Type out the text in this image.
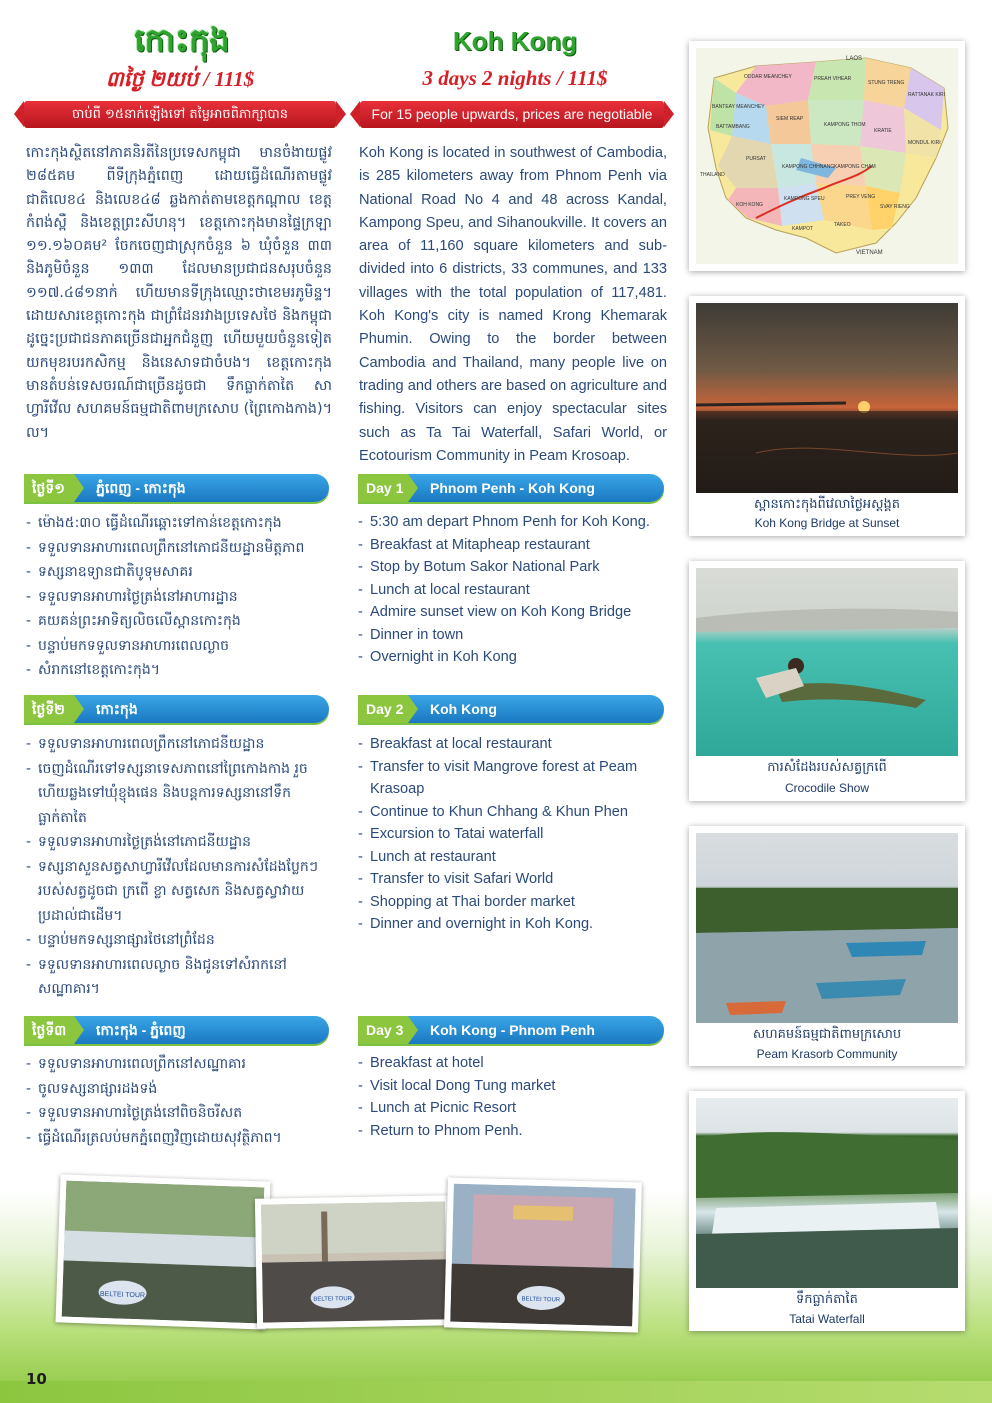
កោះកុង	Koh Kong
៣ថ្ងៃ ២យប់ / 111$	3 days 2 nights / 111$
ចាប់ពី ១៥នាក់ឡើងទៅ តម្លៃអាចពិភាក្សាបាន	For 15 people upwards, prices are negotiable
កោះកុងស្ថិតនៅភាគនិរតីនៃប្រទេសកម្ពុជា មានចំងាយផ្លូវ ២៨៥គម ពីទីក្រុងភ្នំពេញ ដោយធ្វើដំណើរតាមផ្លូវជាតិលេខ៤ និងលេខ៤៨ ឆ្លងកាត់តាមខេត្តកណ្តាល ខេត្តកំពង់ស្ពឺ និងខេត្តព្រះសីហនុ។ ខេត្តកោះកុងមានផ្ទៃក្រឡា ១១.១៦០គម² ចែកចេញជាស្រុកចំនួន ៦ ឃុំចំនួន ៣៣ និងភូមិចំនួន ១៣៣ ដែលមានប្រជាជនសរុបចំនួន ១១៧.៤៨១នាក់ ហើយមានទីក្រុងឈ្មោះថាខេមរភូមិន្ទ។ ដោយសារខេត្តកោះកុង ជាព្រំដែនរវាងប្រទេសថៃ និងកម្ពុជា ដូច្នេះប្រជាជនភាគច្រើនជាអ្នកជំនួញ ហើយមួយចំនួនទៀតយកមុខរបរកសិកម្ម និងនេសាទជាចំបង។ ខេត្តកោះកុង មានតំបន់ទេសចរណ៍ជាច្រើនដូចជា ទឹកធ្លាក់តាតៃ សាហ្វារីវើល សហគមន៍ធម្មជាតិពាមក្រសោប (ព្រៃកោងកាង)។ល។
Koh Kong is located in southwest of Cambodia, is 285 kilometers away from Phnom Penh via National Road No 4 and 48 across Kandal, Kampong Speu, and Sihanoukville. It covers an area of 11,160 square kilometers and sub-divided into 6 districts, 33 communes, and 133 villages with the total population of 117,481. Koh Kong's city is named Krong Khemarak Phumin. Owing to the border between Cambodia and Thailand, many people live on trading and others are based on agriculture and fishing. Visitors can enjoy spectacular sites such as Ta Tai Waterfall, Safari World, or Ecotourism Community in Peam Krosoap.
ថ្ងៃទី១	ភ្នំពេញ - កោះកុង	Day 1	Phnom Penh - Koh Kong
- ម៉ោង៥:៣០ ធ្វើដំណើរឆ្ពោះទៅកាន់ខេត្តកោះកុង
- ទទួលទានអាហារពេលព្រឹកនៅភោជនីយដ្ឋានមិត្តភាព
- ទស្សនាឧទ្យានជាតិបូទុមសាគរ
- ទទួលទានអាហារថ្ងៃត្រង់នៅអាហារដ្ឋាន
- គយគន់ព្រះអាទិត្យលិចលើស្ពានកោះកុង
- បន្ទាប់មកទទួលទានអាហារពេលល្ងាច
- សំរាកនៅខេត្តកោះកុង។
- 5:30 am depart Phnom Penh for Koh Kong.
- Breakfast at Mitapheap restaurant
- Stop by Botum Sakor National Park
- Lunch at local restaurant
- Admire sunset view on Koh Kong Bridge
- Dinner in town
- Overnight in Koh Kong
ថ្ងៃទី២	កោះកុង	Day 2	Koh Kong
- ទទួលទានអាហារពេលព្រឹកនៅភោជនីយដ្ឋាន
- ចេញដំណើរទៅទស្សនាទេសភាពនៅព្រៃកោងកាង រួចហើយឆ្លងទៅឃុំខ្ញុងផេន និងបន្តការទស្សនានៅទឹកធ្លាក់តាតៃ
- ទទួលទានអាហារថ្ងៃត្រង់នៅភោជនីយដ្ឋាន
- ទស្សនាសួនសត្វសាហ្វារីវើលដែលមានការសំដែងប្លែកៗរបស់សត្វដូចជា ក្រពើ ខ្លា សត្វសេក និងសត្វស្វាវាយប្រដាល់ជាដើម។
- បន្ទាប់មកទស្សនាផ្សារថៃនៅព្រំដែន
- ទទួលទានអាហារពេលល្ងាច និងជូនទៅសំរាកនៅសណ្ឋាគារ។
- Breakfast at local restaurant
- Transfer to visit Mangrove forest at Peam Krasoap
- Continue to Khun Chhang & Khun Phen
- Excursion to Tatai waterfall
- Lunch at restaurant
- Transfer to visit Safari World
- Shopping at Thai border market
- Dinner and overnight in Koh Kong.
ថ្ងៃទី៣	កោះកុង - ភ្នំពេញ	Day 3	Koh Kong - Phnom Penh
- ទទួលទានអាហារពេលព្រឹកនៅសណ្ឋាគារ
- ចូលទស្សនាផ្សារដងទង់
- ទទួលទានអាហារថ្ងៃត្រង់នៅពិចនិចរីសត
- ធ្វើដំណើរត្រលប់មកភ្នំពេញវិញដោយសុវត្ថិភាព។
- Breakfast at hotel
- Visit local Dong Tung market
- Lunch at Picnic Resort
- Return to Phnom Penh.
LAOS
ODDAR MEANCHEY	PREAH VIHEAR
STUNG TRENG
RATTANAK KIRI
BANTEAY MEANCHEY
SIEM REAP
BATTAMBANG	KAMPONG THOM
KRATIE
MONDUL KIRI
PURSAT
KAMPONG CHHNANG KAMPONG CHAM
KOH KONG
KAMPONG SPEU	PREY VENG
SVAY RIENG
KAMPOT
TAKEO
VIETNAM
THAILAND
ស្ពានកោះកុងពីវេលាថ្ងៃអស្តង្គត
Koh Kong Bridge at Sunset
ការសំដែងរបស់សត្វក្រពើ
Crocodile Show
សហគមន៍ធម្មជាតិពាមក្រសោប
Peam Krasorb Community
ទឹកធ្លាក់តាតៃ
Tatai Waterfall
BELTEI TOUR	BELTEI TOUR	BELTEI TOUR
10
